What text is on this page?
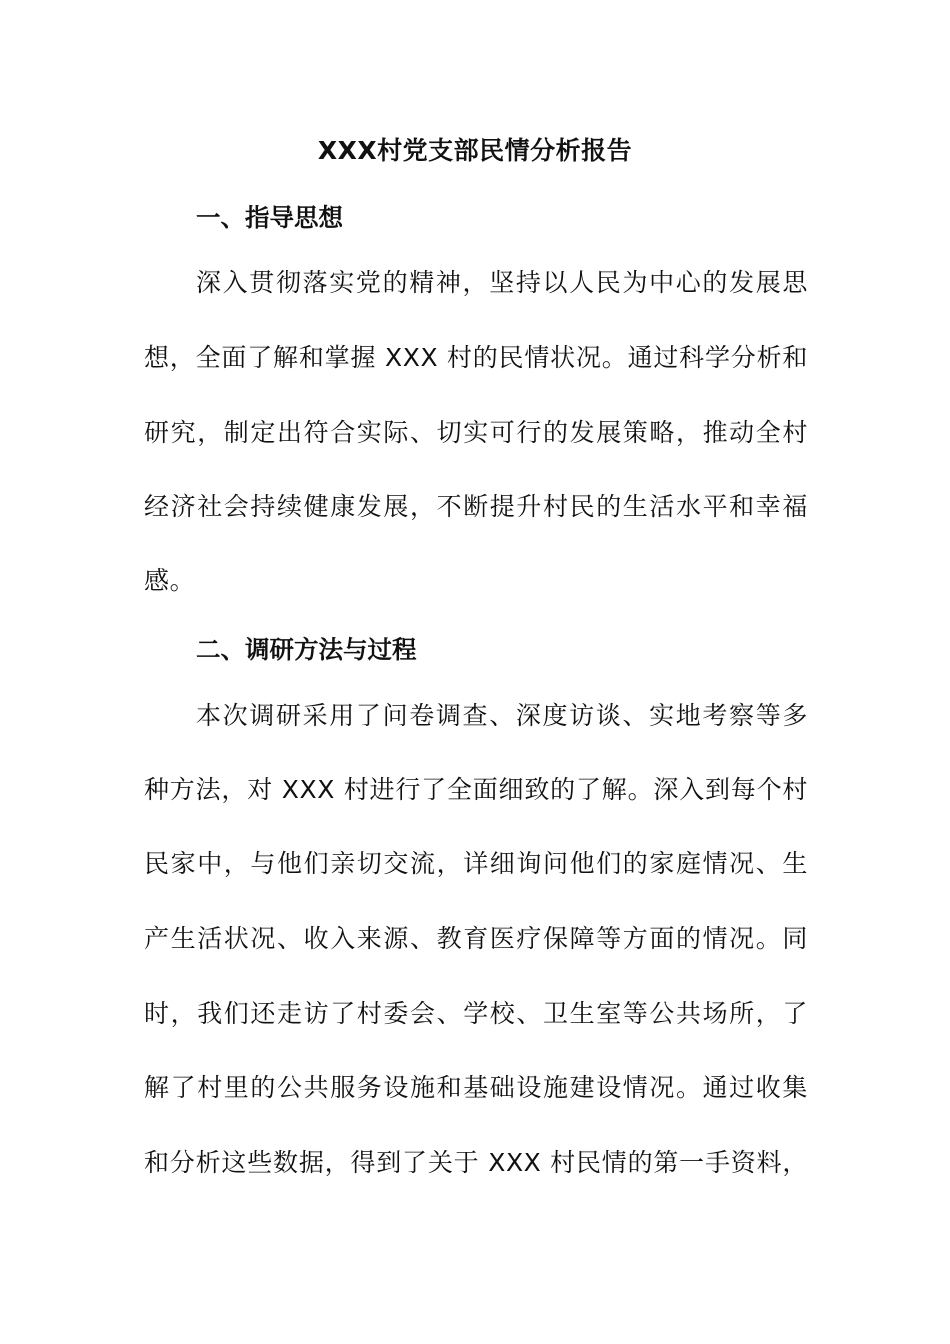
XXX村党支部民情分析报告
一、指导思想

深入贯彻落实党的精神，坚持以人民为中心的发展思

想，全面了解和掌握 XXX 村的民情状况。通过科学分析和

研究，制定出符合实际、切实可行的发展策略，推动全村

经济社会持续健康发展，不断提升村民的生活水平和幸福

感。

二、调研方法与过程

本次调研采用了问卷调查、深度访谈、实地考察等多

种方法，对 XXX 村进行了全面细致的了解。深入到每个村

民家中，与他们亲切交流，详细询问他们的家庭情况、生

产生活状况、收入来源、教育医疗保障等方面的情况。同

时，我们还走访了村委会、学校、卫生室等公共场所，了

解了村里的公共服务设施和基础设施建设情况。通过收集

和分析这些数据，得到了关于 XXX 村民情的第一手资料，
